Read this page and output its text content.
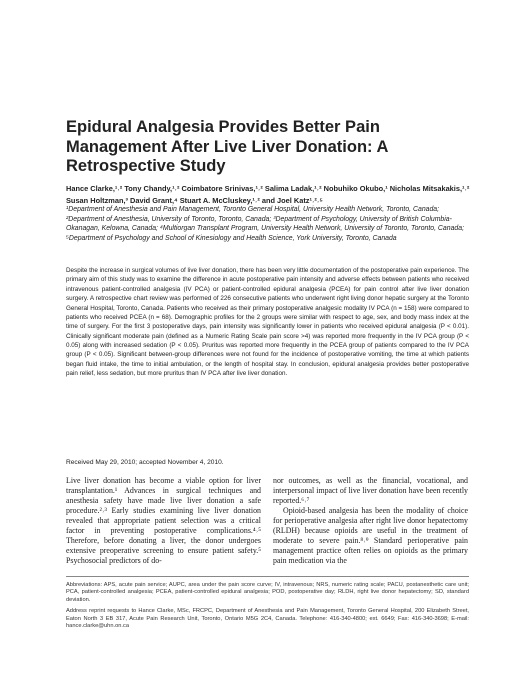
Epidural Analgesia Provides Better Pain Management After Live Liver Donation: A Retrospective Study

Hance Clarke,¹˒² Tony Chandy,¹˒² Coimbatore Srinivas,¹˒² Salima Ladak,¹˒² Nobuhiko Okubo,¹ Nicholas Mitsakakis,¹˒² Susan Holtzman,³ David Grant,⁴ Stuart A. McCluskey,¹˒² and Joel Katz¹˒²˒⁵

¹Department of Anesthesia and Pain Management, Toronto General Hospital, University Health Network, Toronto, Canada; ²Department of Anesthesia, University of Toronto, Toronto, Canada; ³Department of Psychology, University of British Columbia-Okanagan, Kelowna, Canada; ⁴Multiorgan Transplant Program, University Health Network, University of Toronto, Toronto, Canada; ⁵Department of Psychology and School of Kinesiology and Health Science, York University, Toronto, Canada

Despite the increase in surgical volumes of live liver donation, there has been very little documentation of the postoperative pain experience. The primary aim of this study was to examine the difference in acute postoperative pain intensity and adverse effects between patients who received intravenous patient-controlled analgesia (IV PCA) or patient-controlled epidural analgesia (PCEA) for pain control after live liver donation surgery. A retrospective chart review was performed of 226 consecutive patients who underwent right living donor hepatic surgery at the Toronto General Hospital, Toronto, Canada. Patients who received as their primary postoperative analgesic modality IV PCA (n = 158) were compared to patients who received PCEA (n = 68). Demographic profiles for the 2 groups were similar with respect to age, sex, and body mass index at the time of surgery. For the first 3 postoperative days, pain intensity was significantly lower in patients who received epidural analgesia (P < 0.01). Clinically significant moderate pain (defined as a Numeric Rating Scale pain score >4) was reported more frequently in the IV PCA group (P < 0.05) along with increased sedation (P < 0.05). Pruritus was reported more frequently in the PCEA group of patients compared to the IV PCA group (P < 0.05). Significant between-group differences were not found for the incidence of postoperative vomiting, the time at which patients began fluid intake, the time to initial ambulation, or the length of hospital stay. In conclusion, epidural analgesia provides better postoperative pain relief, less sedation, but more pruritus than IV PCA after live liver donation.

Received May 29, 2010; accepted November 4, 2010.

Live liver donation has become a viable option for liver transplantation.¹ Advances in surgical techniques and anesthesia safety have made live liver donation a safe procedure.²˒³ Early studies examining live liver donation revealed that appropriate patient selection was a critical factor in preventing postoperative complications.⁴˒⁵ Therefore, before donating a liver, the donor undergoes extensive preoperative screening to ensure patient safety.⁵ Psychosocial predictors of do-

nor outcomes, as well as the financial, vocational, and interpersonal impact of live liver donation have been recently reported.⁶˒⁷

Opioid-based analgesia has been the modality of choice for perioperative analgesia after right live donor hepatectomy (RLDH) because opioids are useful in the treatment of moderate to severe pain.⁸˒⁹ Standard perioperative pain management practice often relies on opioids as the primary pain medication via the

Abbreviations: APS, acute pain service; AUPC, area under the pain score curve; IV, intravenous; NRS, numeric rating scale; PACU, postanesthetic care unit; PCA, patient-controlled analgesia; PCEA, patient-controlled epidural analgesia; POD, postoperative day; RLDH, right live donor hepatectomy; SD, standard deviation.

Address reprint requests to Hance Clarke, MSc, FRCPC, Department of Anesthesia and Pain Management, Toronto General Hospital, 200 Elizabeth Street, Eaton North 3 EB 317, Acute Pain Research Unit, Toronto, Ontario M5G 2C4, Canada. Telephone: 416-340-4800; ext. 6649; Fax: 416-340-3698; E-mail: hance.clarke@uhn.on.ca
